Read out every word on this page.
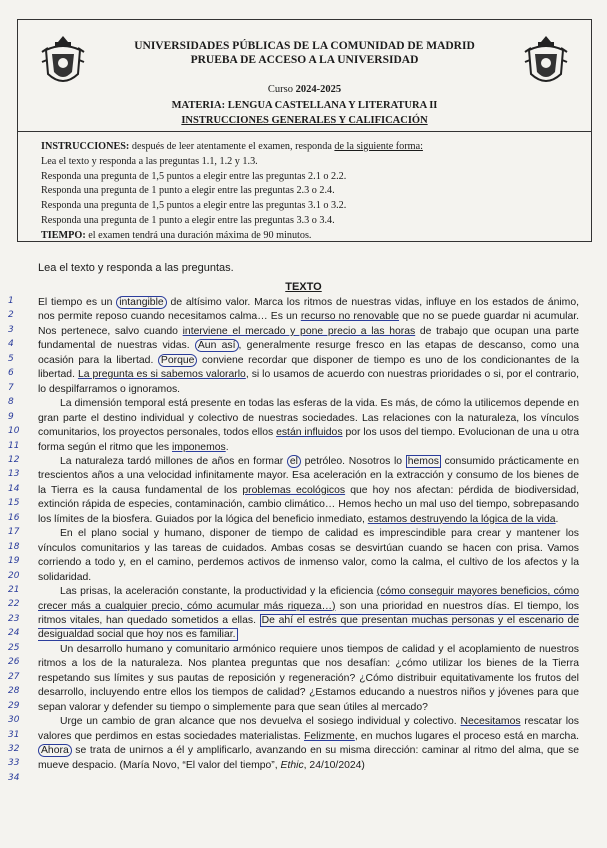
UNIVERSIDADES PÚBLICAS DE LA COMUNIDAD DE MADRID
PRUEBA DE ACCESO A LA UNIVERSIDAD
Curso 2024-2025
MATERIA: LENGUA CASTELLANA Y LITERATURA II
INSTRUCCIONES GENERALES Y CALIFICACIÓN
INSTRUCCIONES: después de leer atentamente el examen, responda de la siguiente forma:
Lea el texto y responda a las preguntas 1.1, 1.2 y 1.3.
Responda una pregunta de 1,5 puntos a elegir entre las preguntas 2.1 o 2.2.
Responda una pregunta de 1 punto a elegir entre las preguntas 2.3 o 2.4.
Responda una pregunta de 1,5 puntos a elegir entre las preguntas 3.1 o 3.2.
Responda una pregunta de 1 punto a elegir entre las preguntas 3.3 o 3.4.
TIEMPO: el examen tendrá una duración máxima de 90 minutos.
Lea el texto y responda a las preguntas.
TEXTO
1
2
3
4
5
6
7
8
9
10
11
12
13
14
15
16
17
18
19
20
21
22
23
24
25
26
27
28
29
30
31
32
33
34

El tiempo es un intangible de altísimo valor. Marca los ritmos de nuestras vidas, influye en los estados de ánimo, nos permite reposo cuando necesitamos calma… Es un recurso no renovable que no se puede guardar ni acumular. Nos pertenece, salvo cuando interviene el mercado y pone precio a las horas de trabajo que ocupan una parte fundamental de nuestras vidas. Aun así , generalmente resurge fresco en las etapas de descanso, como una ocasión para la libertad. Porque conviene recordar que disponer de tiempo es uno de los condicionantes de la libertad. La pregunta es si sabemos valorarlo, si lo usamos de acuerdo con nuestras prioridades o si, por el contrario, lo despilfarramos o ignoramos.

La dimensión temporal está presente en todas las esferas de la vida. Es más, de cómo la utilicemos depende en gran parte el destino individual y colectivo de nuestras sociedades. Las relaciones con la naturaleza, los vínculos comunitarios, los proyectos personales, todos ellos están influidos por los usos del tiempo. Evolucionan de una u otra forma según el ritmo que les imponemos.

La naturaleza tardó millones de años en formar el petróleo. Nosotros lo hemos consumido prácticamente en trescientos años a una velocidad infinitamente mayor. Esa aceleración en la extracción y consumo de los bienes de la Tierra es la causa fundamental de los problemas ecológicos que hoy nos afectan: pérdida de biodiversidad, extinción rápida de especies, contaminación, cambio climático… Hemos hecho un mal uso del tiempo, sobrepasando los límites de la biosfera. Guiados por la lógica del beneficio inmediato, estamos destruyendo la lógica de la vida.

En el plano social y humano, disponer de tiempo de calidad es imprescindible para crear y mantener los vínculos comunitarios y las tareas de cuidados. Ambas cosas se desvirtúan cuando se hacen con prisa. Vamos corriendo a todo y, en el camino, perdemos activos de inmenso valor, como la calma, el cultivo de los afectos y la solidaridad.

Las prisas, la aceleración constante, la productividad y la eficiencia (cómo conseguir mayores beneficios, cómo crecer más a cualquier precio, cómo acumular más riqueza…) son una prioridad en nuestros días. El tiempo, los ritmos vitales, han quedado sometidos a ellas. De ahí el estrés que presentan muchas personas y el escenario de desigualdad social que hoy nos es familiar.

Un desarrollo humano y comunitario armónico requiere unos tiempos de calidad y el acoplamiento de nuestros ritmos a los de la naturaleza. Nos plantea preguntas que nos desafían: ¿cómo utilizar los bienes de la Tierra respetando sus límites y sus pautas de reposición y regeneración? ¿Cómo distribuir equitativamente los frutos del desarrollo, incluyendo entre ellos los tiempos de calidad? ¿Estamos educando a nuestros niños y jóvenes para que sepan valorar y defender su tiempo o simplemente para que sean útiles al mercado?

Urge un cambio de gran alcance que nos devuelva el sosiego individual y colectivo. Necesitamos rescatar los valores que perdimos en estas sociedades materialistas. Felizmente, en muchos lugares el proceso está en marcha. Ahora se trata de unirnos a él y amplificarlo, avanzando en su misma dirección: caminar al ritmo del alma, que se mueve despacio. (María Novo, “El valor del tiempo”, Ethic, 24/10/2024)
